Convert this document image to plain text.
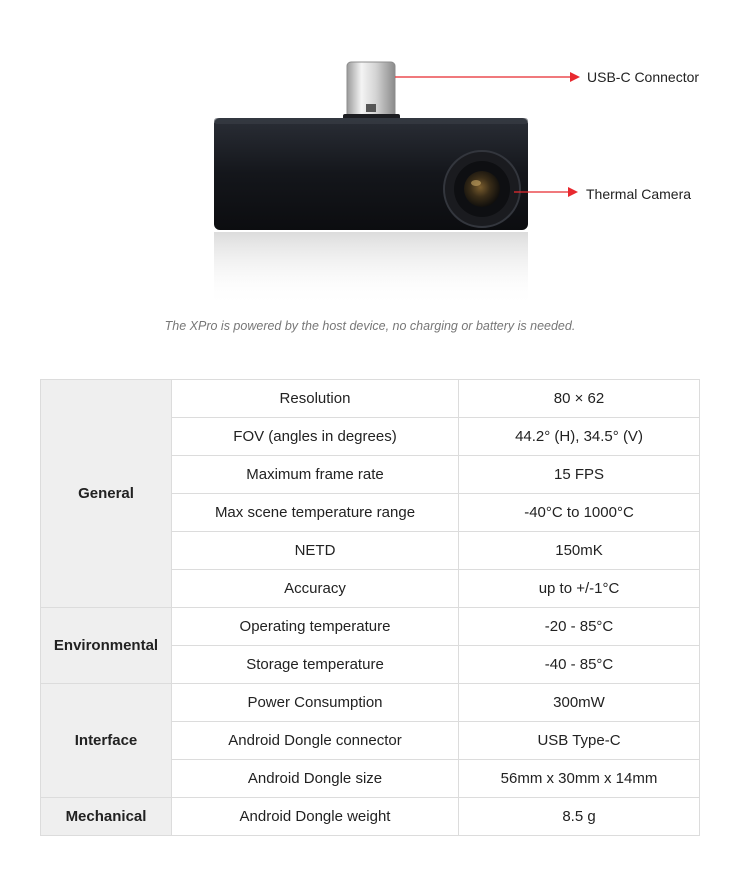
USB-C Connector
Thermal Camera
The XPro is powered by the host device, no charging or battery is needed.
General	Resolution	80 × 62
	FOV (angles in degrees)	44.2° (H), 34.5° (V)
	Maximum frame rate	15 FPS
	Max scene temperature range	-40°C to 1000°C
	NETD	150mK
	Accuracy	up to +/-1°C
Environmental	Operating temperature	-20 - 85°C
	Storage temperature	-40 - 85°C
Interface	Power Consumption	300mW
	Android Dongle connector	USB Type-C
	Android Dongle size	56mm x 30mm x 14mm
Mechanical	Android Dongle weight	8.5 g
